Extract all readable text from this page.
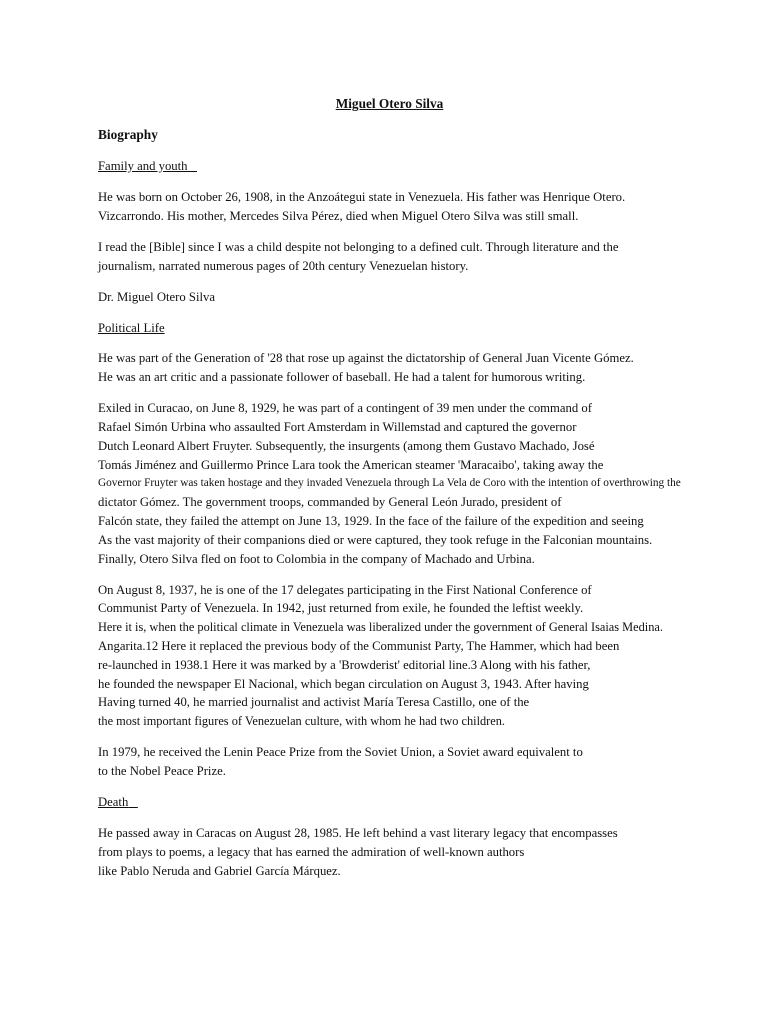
Miguel Otero Silva
Biography
Family and youth
He was born on October 26, 1908, in the Anzoátegui state in Venezuela. His father was Henrique Otero.
Vizcarrondo. His mother, Mercedes Silva Pérez, died when Miguel Otero Silva was still small.
I read the [Bible] since I was a child despite not belonging to a defined cult. Through literature and the
journalism, narrated numerous pages of 20th century Venezuelan history.
Dr. Miguel Otero Silva
Political Life
He was part of the Generation of '28 that rose up against the dictatorship of General Juan Vicente Gómez.
He was an art critic and a passionate follower of baseball. He had a talent for humorous writing.
Exiled in Curacao, on June 8, 1929, he was part of a contingent of 39 men under the command of
Rafael Simón Urbina who assaulted Fort Amsterdam in Willemstad and captured the governor
Dutch Leonard Albert Fruyter. Subsequently, the insurgents (among them Gustavo Machado, José
Tomás Jiménez and Guillermo Prince Lara took the American steamer 'Maracaibo', taking away the
Governor Fruyter was taken hostage and they invaded Venezuela through La Vela de Coro with the intention of overthrowing the
dictator Gómez. The government troops, commanded by General León Jurado, president of
Falcón state, they failed the attempt on June 13, 1929. In the face of the failure of the expedition and seeing
As the vast majority of their companions died or were captured, they took refuge in the Falconian mountains.
Finally, Otero Silva fled on foot to Colombia in the company of Machado and Urbina.
On August 8, 1937, he is one of the 17 delegates participating in the First National Conference of
Communist Party of Venezuela. In 1942, just returned from exile, he founded the leftist weekly.
Here it is, when the political climate in Venezuela was liberalized under the government of General Isaias Medina.
Angarita.12 Here it replaced the previous body of the Communist Party, The Hammer, which had been
re-launched in 1938.1 Here it was marked by a 'Browderist' editorial line.3 Along with his father,
he founded the newspaper El Nacional, which began circulation on August 3, 1943. After having
Having turned 40, he married journalist and activist María Teresa Castillo, one of the
the most important figures of Venezuelan culture, with whom he had two children.
In 1979, he received the Lenin Peace Prize from the Soviet Union, a Soviet award equivalent to
to the Nobel Peace Prize.
Death
He passed away in Caracas on August 28, 1985. He left behind a vast literary legacy that encompasses
from plays to poems, a legacy that has earned the admiration of well-known authors
like Pablo Neruda and Gabriel García Márquez.
